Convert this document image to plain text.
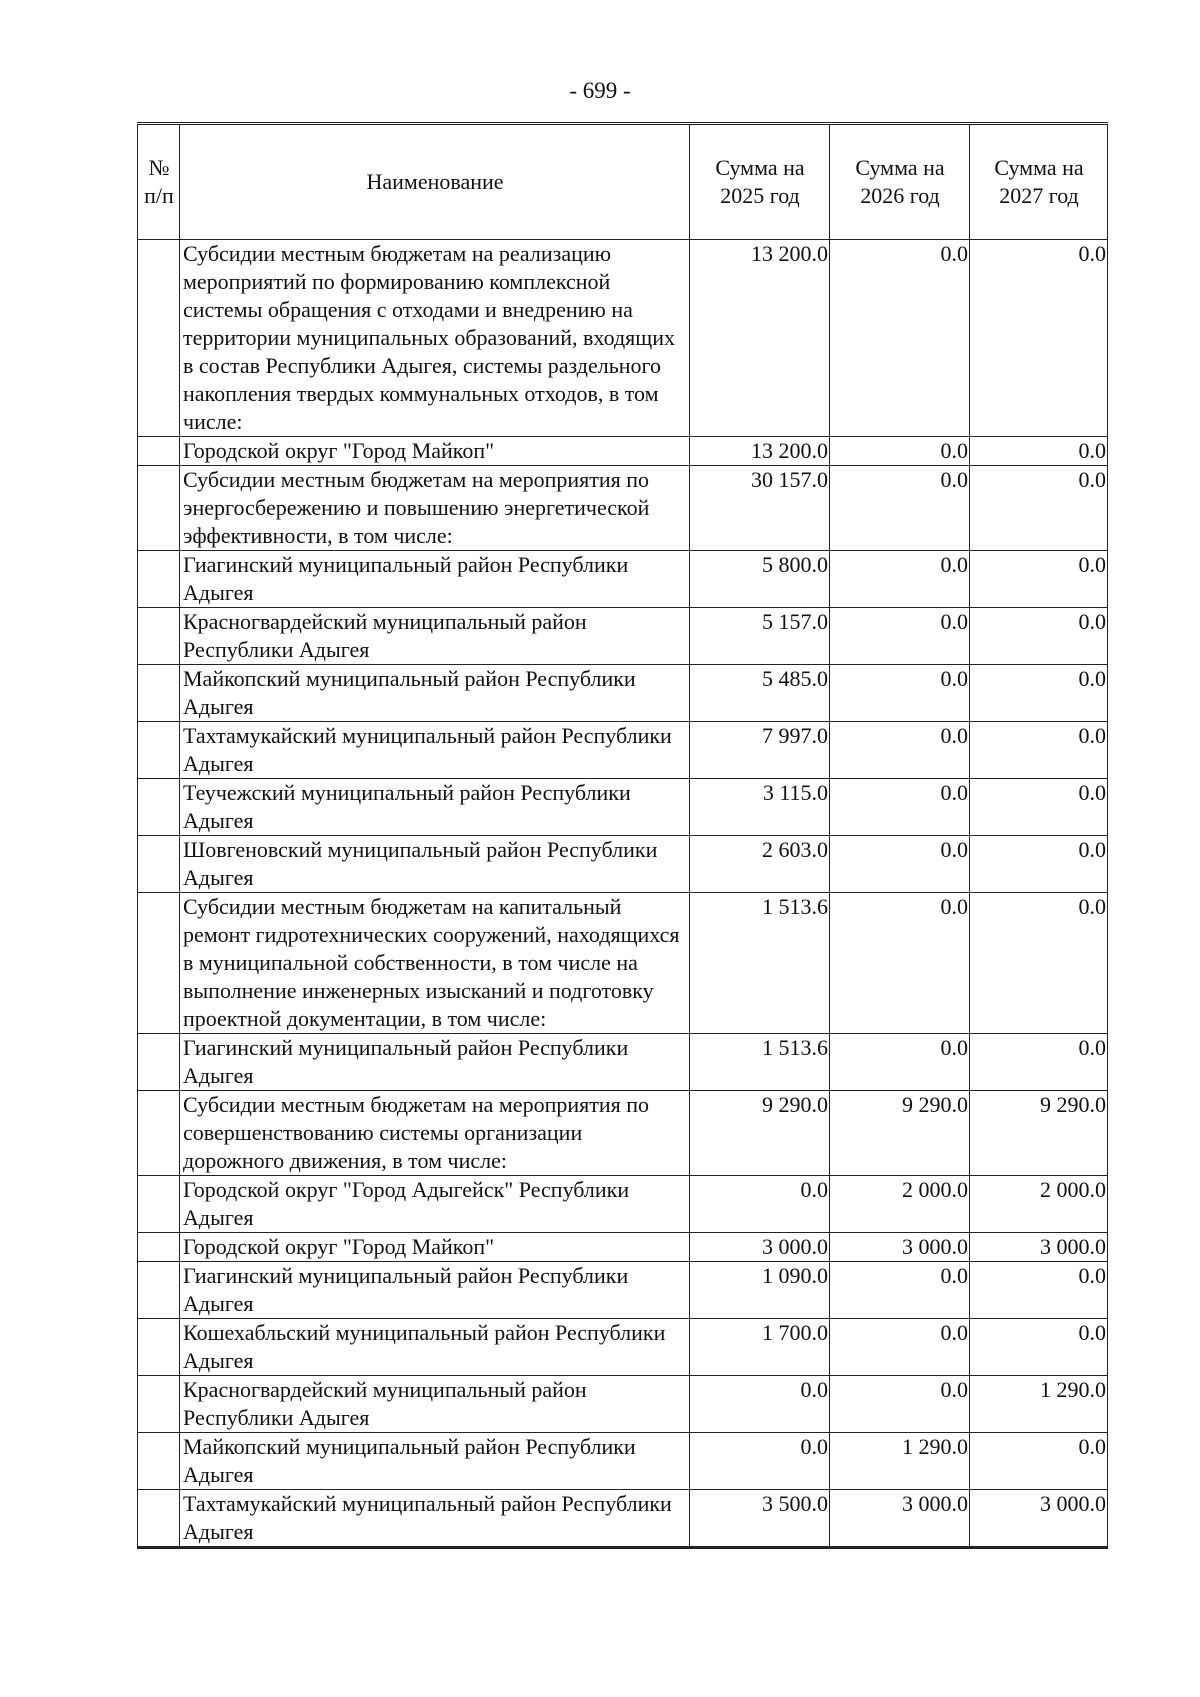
- 699 -
№ п/п	Наименование	Сумма на 2025 год	Сумма на 2026 год	Сумма на 2027 год
	Субсидии местным бюджетам на реализацию мероприятий по формированию комплексной системы обращения с отходами и внедрению на территории муниципальных образований, входящих в состав Республики Адыгея, системы раздельного накопления твердых коммунальных отходов, в том числе:	13 200.0	0.0	0.0
	Городской округ "Город Майкоп"	13 200.0	0.0	0.0
	Субсидии местным бюджетам на мероприятия по энергосбережению и повышению энергетической эффективности, в том числе:	30 157.0	0.0	0.0
	Гиагинский муниципальный район Республики Адыгея	5 800.0	0.0	0.0
	Красногвардейский муниципальный район Республики Адыгея	5 157.0	0.0	0.0
	Майкопский муниципальный район Республики Адыгея	5 485.0	0.0	0.0
	Тахтамукайский муниципальный район Республики Адыгея	7 997.0	0.0	0.0
	Теучежский муниципальный район Республики Адыгея	3 115.0	0.0	0.0
	Шовгеновский муниципальный район Республики Адыгея	2 603.0	0.0	0.0
	Субсидии местным бюджетам на капитальный ремонт гидротехнических сооружений, находящихся в муниципальной собственности, в том числе на выполнение инженерных изысканий и подготовку проектной документации, в том числе:	1 513.6	0.0	0.0
	Гиагинский муниципальный район Республики Адыгея	1 513.6	0.0	0.0
	Субсидии местным бюджетам на мероприятия по совершенствованию системы организации дорожного движения, в том числе:	9 290.0	9 290.0	9 290.0
	Городской округ "Город Адыгейск" Республики Адыгея	0.0	2 000.0	2 000.0
	Городской округ "Город Майкоп"	3 000.0	3 000.0	3 000.0
	Гиагинский муниципальный район Республики Адыгея	1 090.0	0.0	0.0
	Кошехабльский муниципальный район Республики Адыгея	1 700.0	0.0	0.0
	Красногвардейский муниципальный район Республики Адыгея	0.0	0.0	1 290.0
	Майкопский муниципальный район Республики Адыгея	0.0	1 290.0	0.0
	Тахтамукайский муниципальный район Республики Адыгея	3 500.0	3 000.0	3 000.0
